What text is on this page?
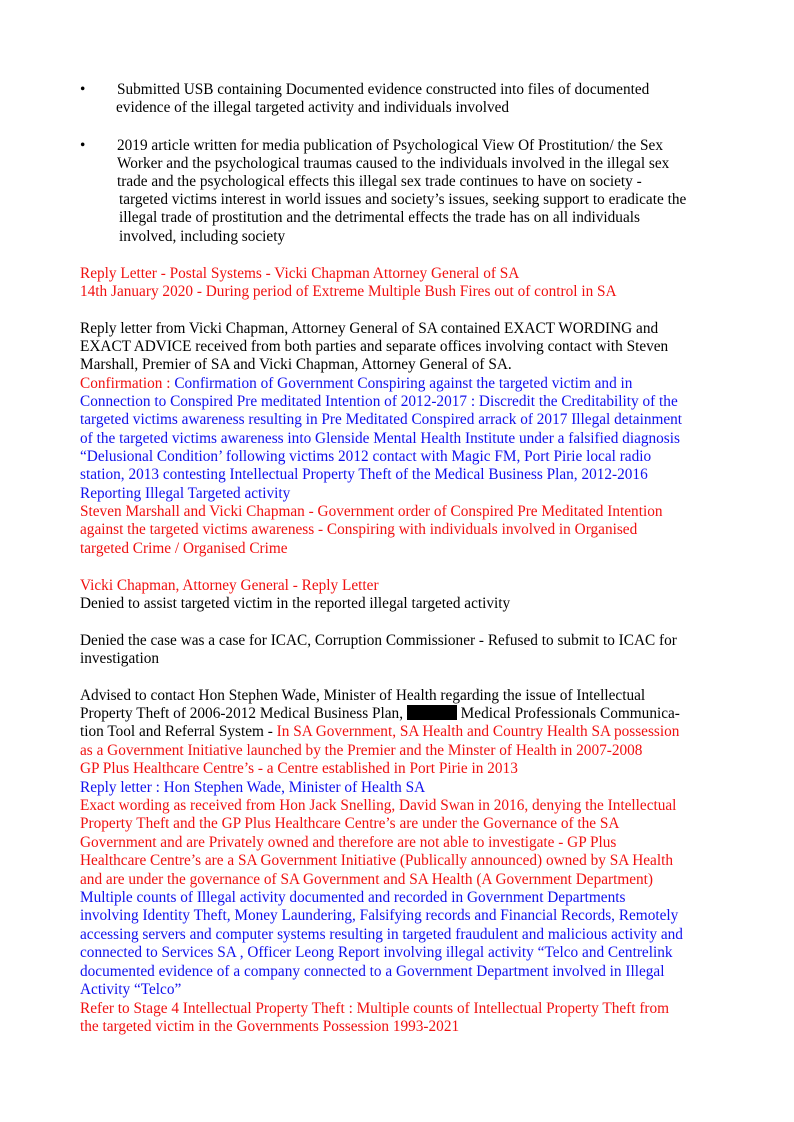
•	Submitted USB containing Documented evidence constructed into files of documented
evidence of the illegal targeted activity and individuals involved
•	2019 article written for media publication of Psychological View Of Prostitution/ the Sex
Worker and the psychological traumas caused to the individuals involved in the illegal sex
trade and the psychological effects this illegal sex trade continues to have on society -
targeted victims interest in world issues and society’s issues, seeking support to eradicate the
illegal trade of prostitution and the detrimental effects the trade has on all individuals
involved, including society
Reply Letter - Postal Systems - Vicki Chapman Attorney General of SA
14th January 2020 - During period of Extreme Multiple Bush Fires out of control in SA
Reply letter from Vicki Chapman, Attorney General of SA contained EXACT WORDING and
EXACT ADVICE received from both parties and separate offices involving contact with Steven
Marshall, Premier of SA and Vicki Chapman, Attorney General of SA.
Confirmation : Confirmation of Government Conspiring against the targeted victim and in
Connection to Conspired Pre meditated Intention of 2012-2017 : Discredit the Creditability of the
targeted victims awareness resulting in Pre Meditated Conspired arrack of 2017 Illegal detainment
of the targeted victims awareness into Glenside Mental Health Institute under a falsified diagnosis
“Delusional Condition’ following victims 2012 contact with Magic FM, Port Pirie local radio
station, 2013 contesting Intellectual Property Theft of the Medical Business Plan, 2012-2016
Reporting Illegal Targeted activity
Steven Marshall and Vicki Chapman - Government order of Conspired Pre Meditated Intention
against the targeted victims awareness - Conspiring with individuals involved in Organised
targeted Crime / Organised Crime
Vicki Chapman, Attorney General - Reply Letter
Denied to assist targeted victim in the reported illegal targeted activity
Denied the case was a case for ICAC, Corruption Commissioner - Refused to submit to ICAC for
investigation
Advised to contact Hon Stephen Wade, Minister of Health regarding the issue of Intellectual
Property Theft of 2006-2012 Medical Business Plan,	Medical Professionals Communica-
tion Tool and Referral System - In SA Government, SA Health and Country Health SA possession
as a Government Initiative launched by the Premier and the Minster of Health in 2007-2008
GP Plus Healthcare Centre’s - a Centre established in Port Pirie in 2013
Reply letter : Hon Stephen Wade, Minister of Health SA
Exact wording as received from Hon Jack Snelling, David Swan in 2016, denying the Intellectual
Property Theft and the GP Plus Healthcare Centre’s are under the Governance of the SA
Government and are Privately owned and therefore are not able to investigate - GP Plus
Healthcare Centre’s are a SA Government Initiative (Publically announced) owned by SA Health
and are under the governance of SA Government and SA Health (A Government Department)
Multiple counts of Illegal activity documented and recorded in Government Departments
involving Identity Theft, Money Laundering, Falsifying records and Financial Records, Remotely
accessing servers and computer systems resulting in targeted fraudulent and malicious activity and
connected to Services SA , Officer Leong Report involving illegal activity “Telco and Centrelink
documented evidence of a company connected to a Government Department involved in Illegal
Activity “Telco”
Refer to Stage 4 Intellectual Property Theft : Multiple counts of Intellectual Property Theft from
the targeted victim in the Governments Possession 1993-2021
